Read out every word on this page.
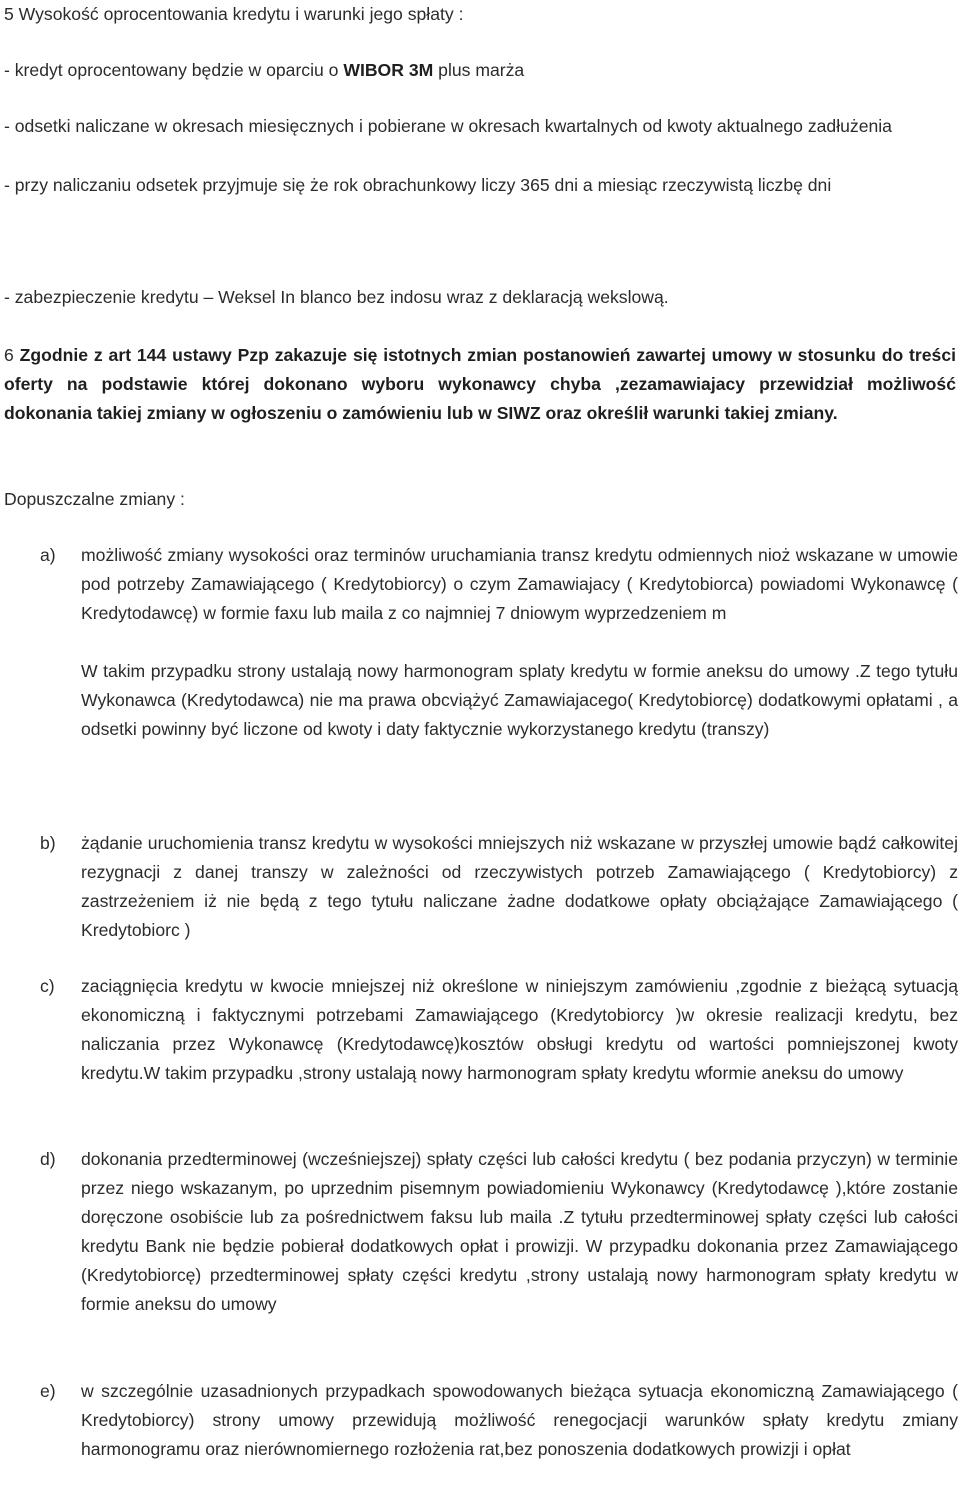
5 Wysokość oprocentowania kredytu i warunki jego spłaty :

- kredyt oprocentowany będzie w oparciu o WIBOR 3M plus marża

- odsetki naliczane w okresach miesięcznych i pobierane w okresach kwartalnych od kwoty aktualnego zadłużenia

- przy naliczaniu odsetek przyjmuje się że rok obrachunkowy liczy 365 dni a miesiąc rzeczywistą liczbę dni

- zabezpieczenie kredytu – Weksel In blanco bez indosu wraz z deklaracją wekslową.

6 Zgodnie z art 144 ustawy Pzp zakazuje się istotnych zmian postanowień zawartej umowy w stosunku do treści oferty na podstawie której dokonano wyboru wykonawcy chyba ,zezamawiajacy przewidział możliwość dokonania takiej zmiany w ogłoszeniu o zamówieniu lub w SIWZ oraz określił warunki takiej zmiany.

Dopuszczalne zmiany :

a)	możliwość zmiany wysokości oraz terminów uruchamiania transz kredytu odmiennych nioż wskazane w umowie pod potrzeby Zamawiającego ( Kredytobiorcy) o czym Zamawiajacy ( Kredytobiorca) powiadomi Wykonawcę ( Kredytodawcę) w formie faxu lub maila z co najmniej 7 dniowym wyprzedzeniem m

W takim przypadku strony ustalają nowy harmonogram splaty kredytu w formie aneksu do umowy .Z tego tytułu Wykonawca (Kredytodawca) nie ma prawa obcviążyć Zamawiajacego( Kredytobiorcę) dodatkowymi opłatami , a odsetki powinny być liczone od kwoty i daty faktycznie wykorzystanego kredytu (transzy)

b)	żądanie uruchomienia transz kredytu w wysokości mniejszych niż wskazane w przyszłej umowie bądź całkowitej rezygnacji z danej transzy w zależności od rzeczywistych potrzeb Zamawiającego ( Kredytobiorcy) z zastrzeżeniem iż nie będą z tego tytułu naliczane żadne dodatkowe opłaty obciążające Zamawiającego ( Kredytobiorc )

c)	zaciągnięcia kredytu w kwocie mniejszej niż określone w niniejszym zamówieniu ,zgodnie z bieżącą sytuacją ekonomiczną i faktycznymi potrzebami Zamawiającego (Kredytobiorcy )w okresie realizacji kredytu, bez naliczania przez Wykonawcę (Kredytodawcę)kosztów obsługi kredytu od wartości pomniejszonej kwoty kredytu.W takim przypadku ,strony ustalają nowy harmonogram spłaty kredytu wformie aneksu do umowy

d)	dokonania przedterminowej (wcześniejszej) spłaty części lub całości kredytu ( bez podania przyczyn) w terminie przez niego wskazanym, po uprzednim pisemnym powiadomieniu Wykonawcy (Kredytodawcę ),które zostanie doręczone osobiście lub za pośrednictwem faksu lub maila .Z tytułu przedterminowej spłaty części lub całości kredytu Bank nie będzie pobierał dodatkowych opłat i prowizji. W przypadku dokonania przez Zamawiającego (Kredytobiorcę) przedterminowej spłaty części kredytu ,strony ustalają nowy harmonogram spłaty kredytu w formie aneksu do umowy

e)	w szczególnie uzasadnionych przypadkach spowodowanych bieżąca sytuacja ekonomiczną Zamawiającego ( Kredytobiorcy) strony umowy przewidują możliwość renegocjacji warunków spłaty kredytu zmiany harmonogramu oraz nierównomiernego rozłożenia rat,bez ponoszenia dodatkowych prowizji i opłat
